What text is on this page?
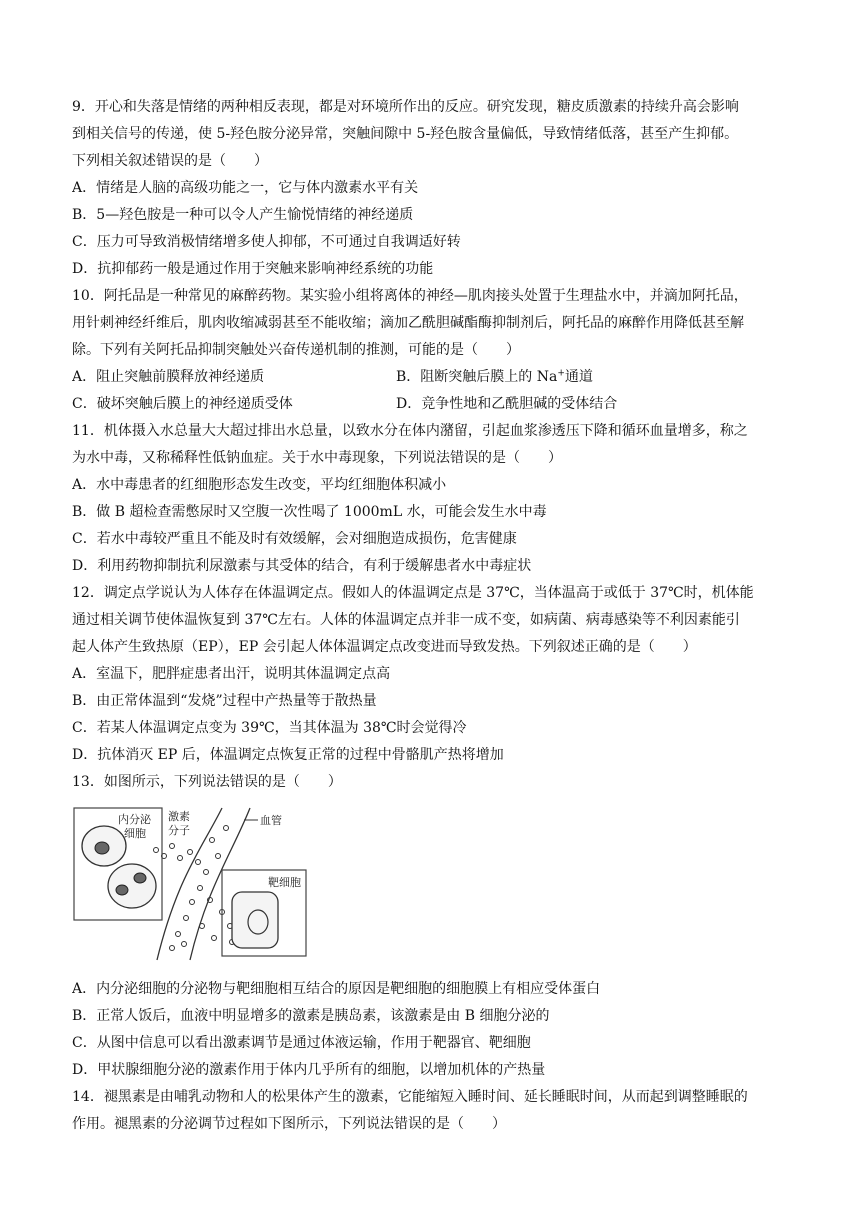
9．开心和失落是情绪的两种相反表现，都是对环境所作出的反应。研究发现，糖皮质激素的持续升高会影响
到相关信号的传递，使 5-羟色胺分泌异常，突触间隙中 5-羟色胺含量偏低，导致情绪低落，甚至产生抑郁。
下列相关叙述错误的是（　　）
A．情绪是人脑的高级功能之一，它与体内激素水平有关
B．5—羟色胺是一种可以令人产生愉悦情绪的神经递质
C．压力可导致消极情绪增多使人抑郁，不可通过自我调适好转
D．抗抑郁药一般是通过作用于突触来影响神经系统的功能
10．阿托品是一种常见的麻醉药物。某实验小组将离体的神经—肌肉接头处置于生理盐水中，并滴加阿托品，
用针刺神经纤维后，肌肉收缩减弱甚至不能收缩；滴加乙酰胆碱酯酶抑制剂后，阿托品的麻醉作用降低甚至解
除。下列有关阿托品抑制突触处兴奋传递机制的推测，可能的是（　　）
A．阻止突触前膜释放神经递质	B．阻断突触后膜上的 Na+通道
C．破坏突触后膜上的神经递质受体	D．竞争性地和乙酰胆碱的受体结合
11．机体摄入水总量大大超过排出水总量，以致水分在体内潴留，引起血浆渗透压下降和循环血量增多，称之
为水中毒，又称稀释性低钠血症。关于水中毒现象，下列说法错误的是（　　）
A．水中毒患者的红细胞形态发生改变，平均红细胞体积减小
B．做 B 超检查需憋尿时又空腹一次性喝了 1000mL 水，可能会发生水中毒
C．若水中毒较严重且不能及时有效缓解，会对细胞造成损伤，危害健康
D．利用药物抑制抗利尿激素与其受体的结合，有利于缓解患者水中毒症状
12．调定点学说认为人体存在体温调定点。假如人的体温调定点是 37℃，当体温高于或低于 37℃时，机体能
通过相关调节使体温恢复到 37℃左右。人体的体温调定点并非一成不变，如病菌、病毒感染等不利因素能引
起人体产生致热原（EP），EP 会引起人体体温调定点改变进而导致发热。下列叙述正确的是（　　）
A．室温下，肥胖症患者出汗，说明其体温调定点高
B．由正常体温到“发烧”过程中产热量等于散热量
C．若某人体温调定点变为 39℃，当其体温为 38℃时会觉得冷
D．抗体消灭 EP 后，体温调定点恢复正常的过程中骨骼肌产热将增加
13．如图所示，下列说法错误的是（　　）
内分泌
细胞
激素
分子
血管
靶细胞
A．内分泌细胞的分泌物与靶细胞相互结合的原因是靶细胞的细胞膜上有相应受体蛋白
B．正常人饭后，血液中明显增多的激素是胰岛素，该激素是由 B 细胞分泌的
C．从图中信息可以看出激素调节是通过体液运输，作用于靶器官、靶细胞
D．甲状腺细胞分泌的激素作用于体内几乎所有的细胞，以增加机体的产热量
14．褪黑素是由哺乳动物和人的松果体产生的激素，它能缩短入睡时间、延长睡眠时间，从而起到调整睡眠的
作用。褪黑素的分泌调节过程如下图所示，下列说法错误的是（　　）
